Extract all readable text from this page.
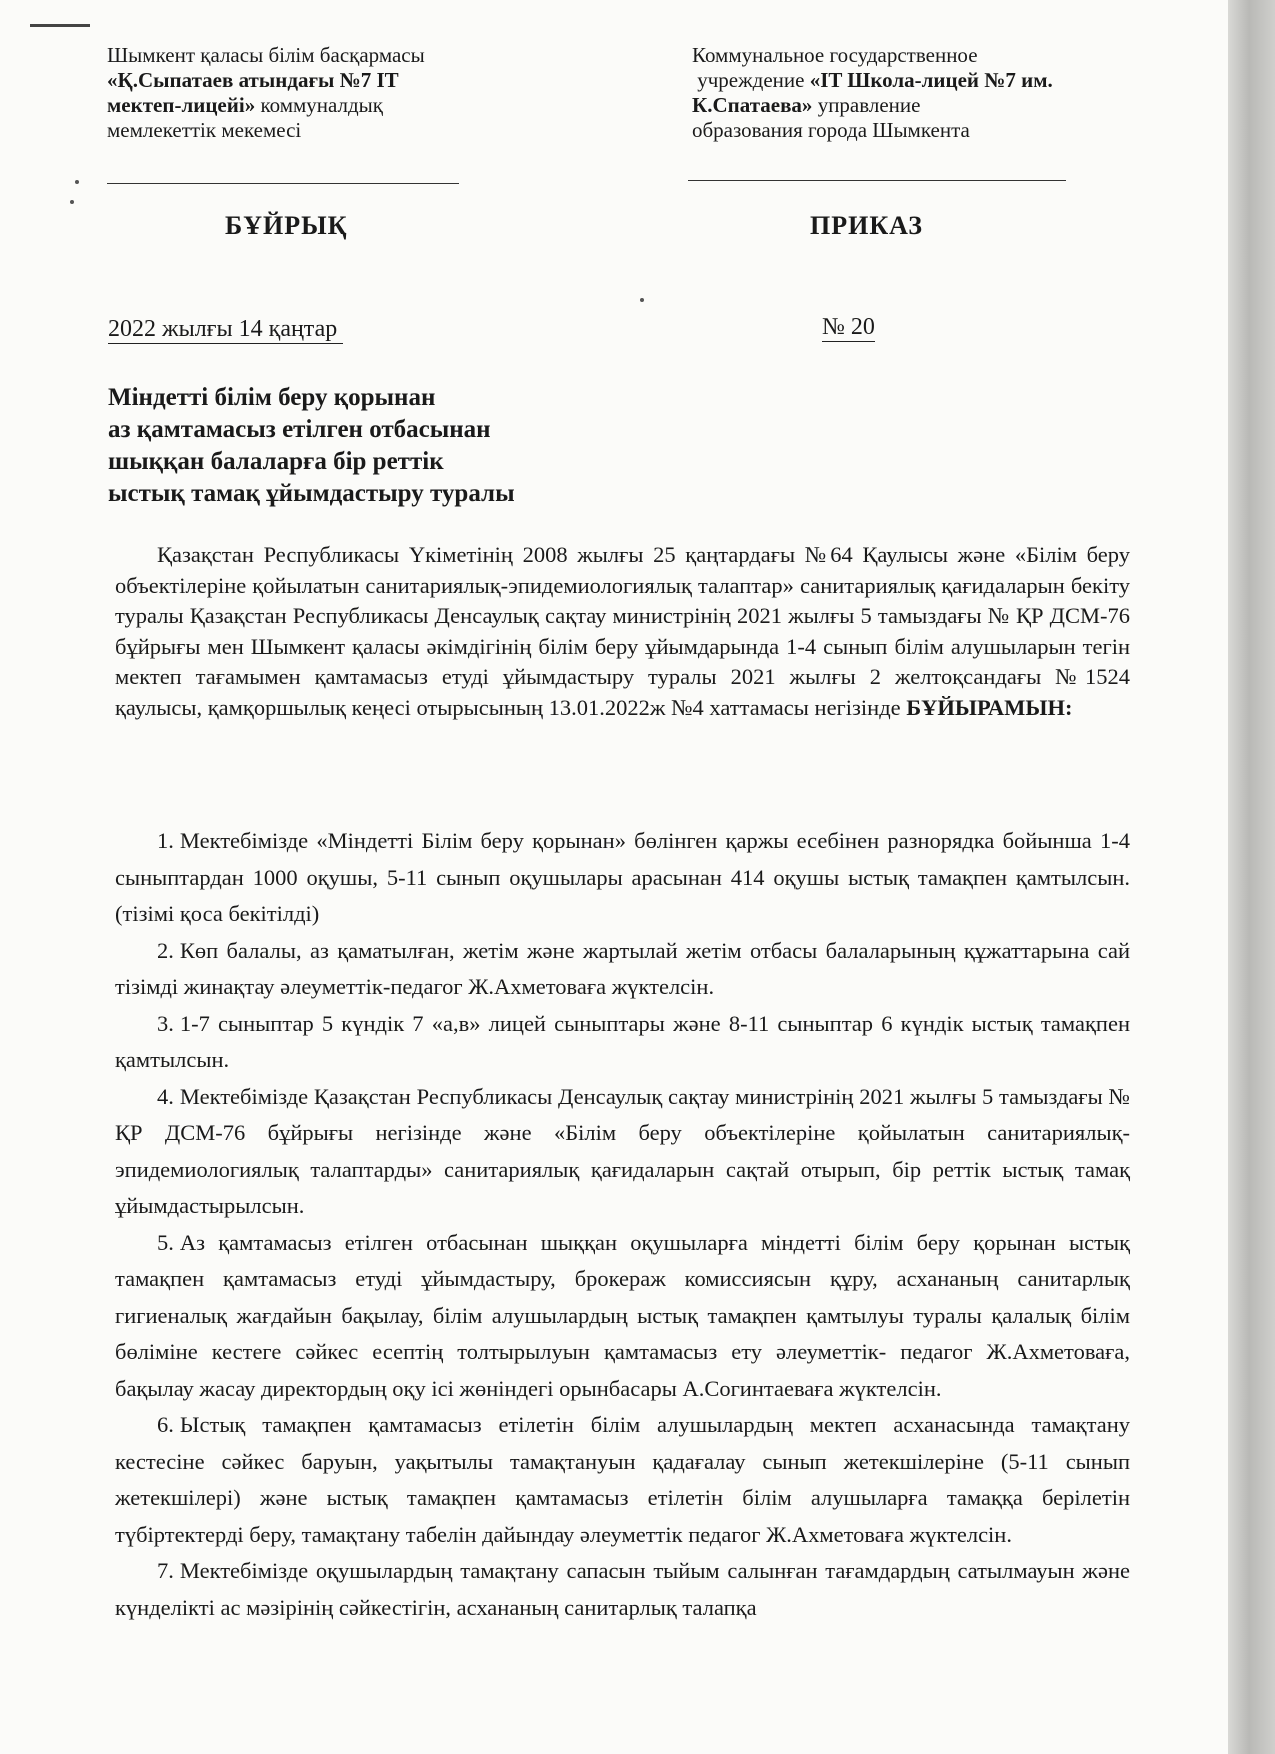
Шымкент қаласы білім басқармасы
«Қ.Сыпатаев атындағы №7 IT
мектеп-лицейі» коммуналдық
мемлекеттік мекемесі
Коммунальное государственное
учреждение «IT Школа-лицей №7 им.
К.Спатаева» управление
образования города Шымкента
БҰЙРЫҚ	ПРИКАЗ
2022 жылғы 14 қаңтар	№ 20
Міндетті білім беру қорынан
аз қамтамасыз етілген отбасынан
шыққан балаларға бір реттік
ыстық тамақ ұйымдастыру туралы
Қазақстан Республикасы Үкіметінің 2008 жылғы 25 қаңтардағы №64 Қаулысы және «Білім беру объектілеріне қойылатын санитариялық-эпидемиологиялық талаптар» санитариялық қағидаларын бекіту туралы Қазақстан Республикасы Денсаулық сақтау министрінің 2021 жылғы 5 тамыздағы № ҚР ДСМ-76 бұйрығы мен Шымкент қаласы әкімдігінің білім беру ұйымдарында 1-4 сынып білім алушыларын тегін мектеп тағамымен қамтамасыз етуді ұйымдастыру туралы 2021 жылғы 2 желтоқсандағы №1524 қаулысы, қамқоршылық кеңесі отырысының 13.01.2022ж №4 хаттамасы негізінде БҰЙЫРАМЫН:

1. Мектебімізде «Міндетті Білім беру қорынан» бөлінген қаржы есебінен разнорядка бойынша 1-4 сыныптардан 1000 оқушы, 5-11 сынып оқушылары арасынан 414 оқушы ыстық тамақпен қамтылсын. (тізімі қоса бекітілді)

2. Көп балалы, аз қаматылған, жетім және жартылай жетім отбасы балаларының құжаттарына сай тізімді жинақтау әлеуметтік-педагог Ж.Ахметоваға жүктелсін.

3. 1-7 сыныптар 5 күндік 7 «а,в» лицей сыныптары және 8-11 сыныптар 6 күндік ыстық тамақпен қамтылсын.

4. Мектебімізде Қазақстан Республикасы Денсаулық сақтау министрінің 2021 жылғы 5 тамыздағы № ҚР ДСМ-76 бұйрығы негізінде және «Білім беру объектілеріне қойылатын санитариялық-эпидемиологиялық талаптарды» санитариялық қағидаларын сақтай отырып, бір реттік ыстық тамақ ұйымдастырылсын.

5. Аз қамтамасыз етілген отбасынан шыққан оқушыларға міндетті білім беру қорынан ыстық тамақпен қамтамасыз етуді ұйымдастыру, брокераж комиссиясын құру, асхананың санитарлық гигиеналық жағдайын бақылау, білім алушылардың ыстық тамақпен қамтылуы туралы қалалық білім бөліміне кестеге сәйкес есептің толтырылуын қамтамасыз ету әлеуметтік- педагог Ж.Ахметоваға, бақылау жасау директордың оқу ісі жөніндегі орынбасары А.Согинтаеваға жүктелсін.

6. Ыстық тамақпен қамтамасыз етілетін білім алушылардың мектеп асханасында тамақтану кестесіне сәйкес баруын, уақытылы тамақтануын қадағалау сынып жетекшілеріне (5-11 сынып жетекшілері) және ыстық тамақпен қамтамасыз етілетін білім алушыларға тамаққа берілетін түбіртектерді беру, тамақтану табелін дайындау әлеуметтік педагог Ж.Ахметоваға жүктелсін.

7. Мектебімізде оқушылардың тамақтану сапасын тыйым салынған тағамдардың сатылмауын және күнделікті ас мәзірінің сәйкестігін, асхананың санитарлық талапқа
